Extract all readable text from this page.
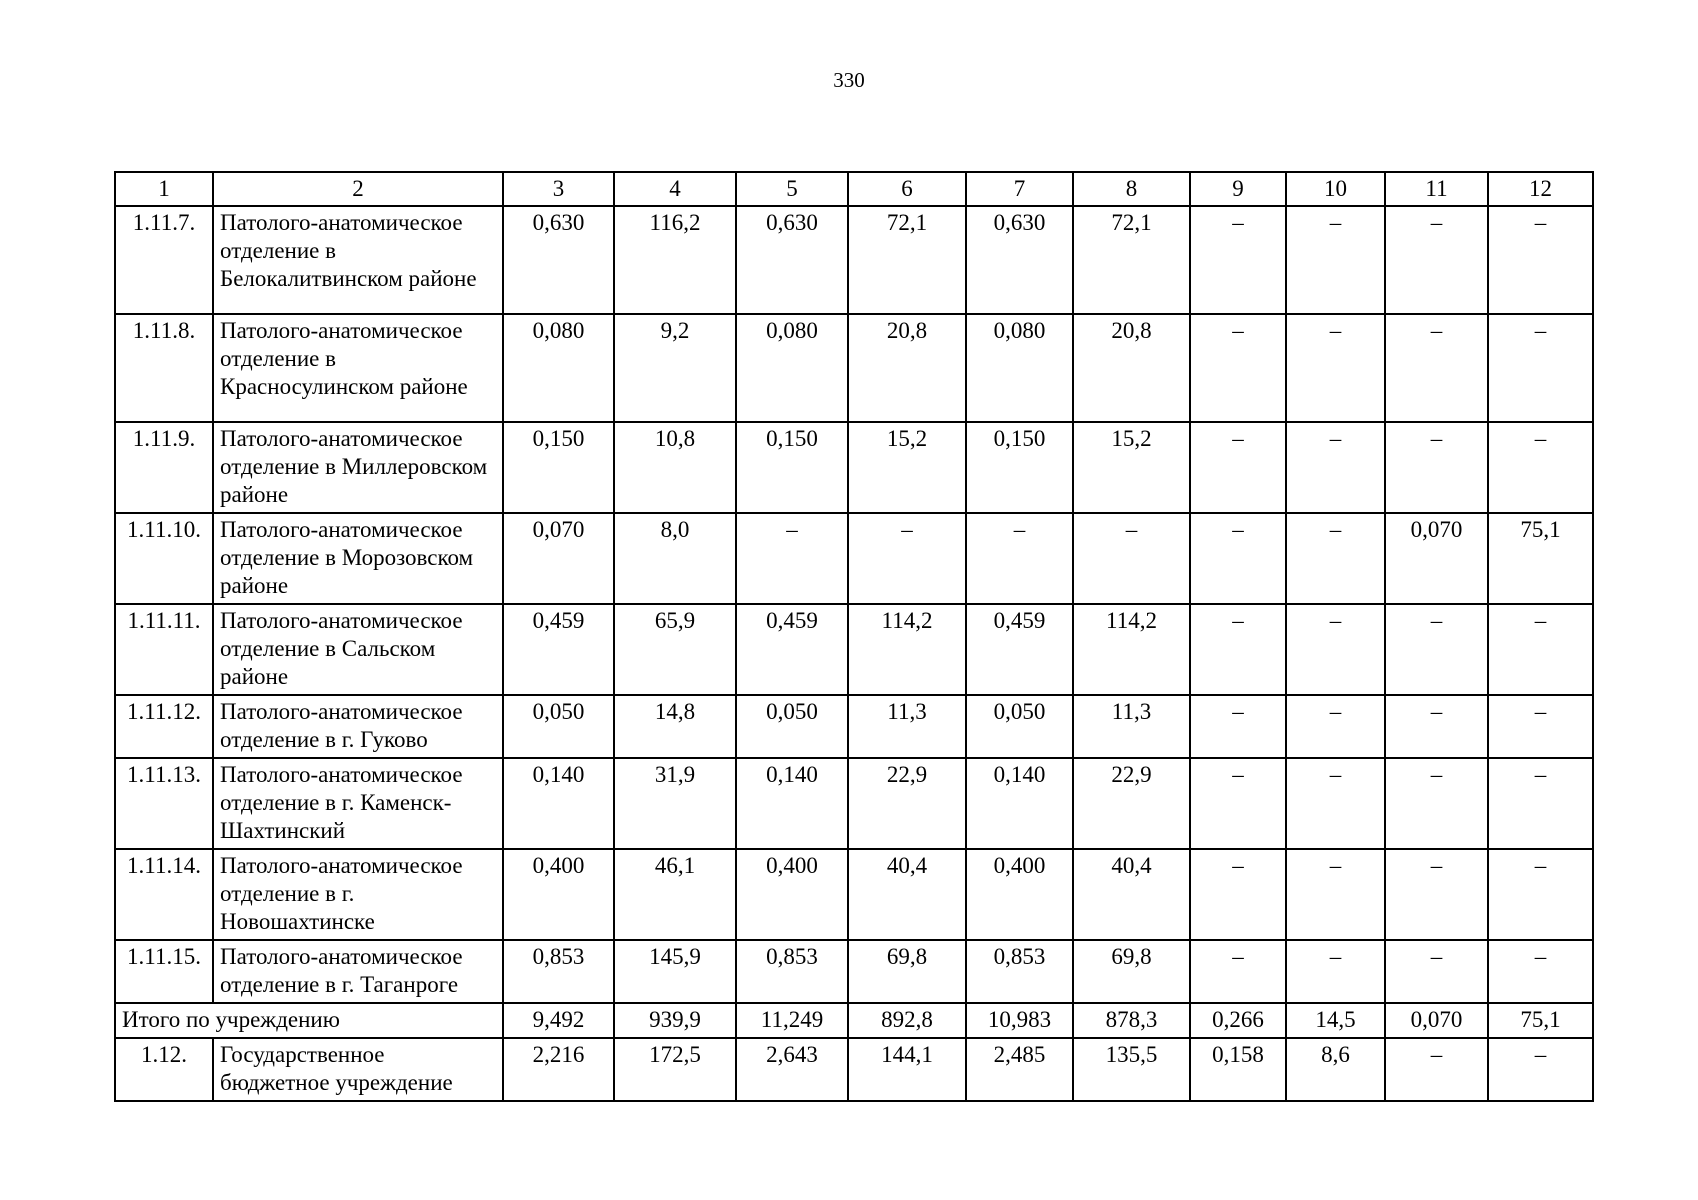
330
1	2	3	4	5	6	7	8	9	10	11	12
1.11.7.	Патолого-анатомическое отделение в Белокалитвинском районе	0,630	116,2	0,630	72,1	0,630	72,1	–	–	–	–
1.11.8.	Патолого-анатомическое отделение в Красносулинском районе	0,080	9,2	0,080	20,8	0,080	20,8	–	–	–	–
1.11.9.	Патолого-анатомическое отделение в Миллеровском районе	0,150	10,8	0,150	15,2	0,150	15,2	–	–	–	–
1.11.10.	Патолого-анатомическое отделение в Морозовском районе	0,070	8,0	–	–	–	–	–	–	0,070	75,1
1.11.11.	Патолого-анатомическое отделение в Сальском районе	0,459	65,9	0,459	114,2	0,459	114,2	–	–	–	–
1.11.12.	Патолого-анатомическое отделение в г. Гуково	0,050	14,8	0,050	11,3	0,050	11,3	–	–	–	–
1.11.13.	Патолого-анатомическое отделение в г. Каменск-Шахтинский	0,140	31,9	0,140	22,9	0,140	22,9	–	–	–	–
1.11.14.	Патолого-анатомическое отделение в г. Новошахтинске	0,400	46,1	0,400	40,4	0,400	40,4	–	–	–	–
1.11.15.	Патолого-анатомическое отделение в г. Таганроге	0,853	145,9	0,853	69,8	0,853	69,8	–	–	–	–
Итого по учреждению		9,492	939,9	11,249	892,8	10,983	878,3	0,266	14,5	0,070	75,1
1.12.	Государственное бюджетное учреждение	2,216	172,5	2,643	144,1	2,485	135,5	0,158	8,6	–	–
